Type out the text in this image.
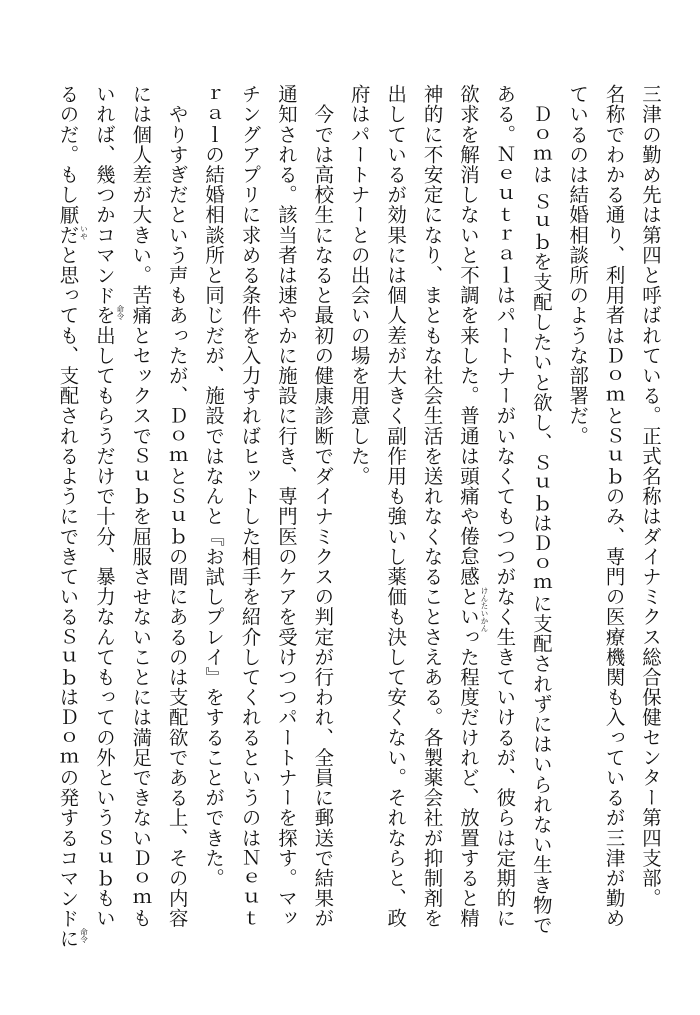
三津の勤め先は第四と呼ばれている。正式名称はダイナミクス総合保健センター第四支部。
名称でわかる通り、利用者はＤｏｍとＳｕｂのみ、専門の医療機関も入っているが三津が勤め
ているのは結婚相談所のような部署だ。
　Ｄｏｍは Ｓｕｂを支配したいと欲し、ＳｕｂはＤｏｍに支配されずにはいられない生き物で
ある。Ｎｅｕｔｒａｌはパートナーがいなくてもつつがなく生きていけるが、彼らは定期的に
欲求を解消しないと不調を来した。普通は頭痛や倦怠感
けんたいかん
といった程度だけれど、放置すると精
神的に不安定になり、まともな社会生活を送れなくなることさえある。各製薬会社が抑制剤を
出しているが効果には個人差が大きく副作用も強いし薬価も決して安くない。それならと、政
府はパートナーとの出会いの場を用意した。
　今では高校生になると最初の健康診断でダイナミクスの判定が行われ、全員に郵送で結果が
通知される。該当者は速やかに施設に行き、専門医のケアを受けつつパートナーを探す。マッ
チングアプリに求める条件を入力すればヒットした相手を紹介してくれるというのはＮｅｕｔ
ｒａｌの結婚相談所と同じだが、施設ではなんと『お試しプレイ』をすることができた。
　やりすぎだという声もあったが、ＤｏｍとＳｕｂの間にあるのは支配欲である上、その内容
には個人差が大きい。苦痛とセックスでＳｕｂを屈服させないことには満足できないＤｏｍも
いれば、幾つかコマンド
命令
を出してもらうだけで十分、暴力なんてもっての外というＳｕｂもい
るのだ。もし厭
いや
だと思っても、支配されるようにできているＳｕｂはＤｏｍの発するコマンド
命令
に
